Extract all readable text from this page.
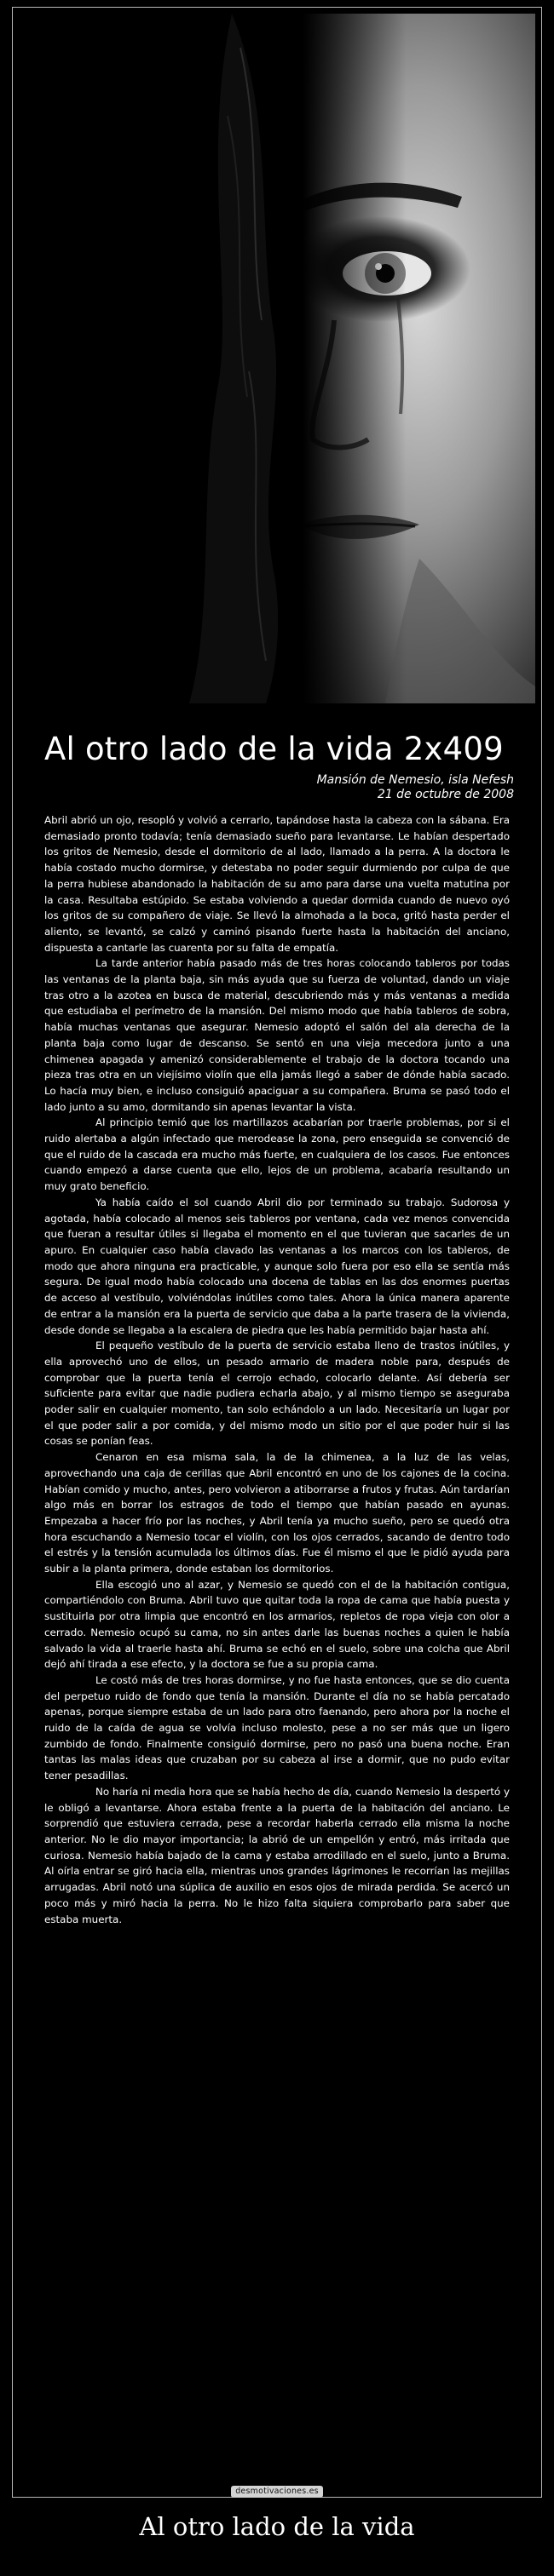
Al otro lado de la vida 2x409
Mansión de Nemesio, isla Nefesh
21 de octubre de 2008

Abril abrió un ojo, resopló y volvió a cerrarlo, tapándose hasta la cabeza con la sábana. Era demasiado pronto todavía; tenía demasiado sueño para levantarse. Le habían despertado los gritos de Nemesio, desde el dormitorio de al lado, llamado a la perra. A la doctora le había costado mucho dormirse, y detestaba no poder seguir durmiendo por culpa de que la perra hubiese abandonado la habitación de su amo para darse una vuelta matutina por la casa. Resultaba estúpido. Se estaba volviendo a quedar dormida cuando de nuevo oyó los gritos de su compañero de viaje. Se llevó la almohada a la boca, gritó hasta perder el aliento, se levantó, se calzó y caminó pisando fuerte hasta la habitación del anciano, dispuesta a cantarle las cuarenta por su falta de empatía.

La tarde anterior había pasado más de tres horas colocando tableros por todas las ventanas de la planta baja, sin más ayuda que su fuerza de voluntad, dando un viaje tras otro a la azotea en busca de material, descubriendo más y más ventanas a medida que estudiaba el perímetro de la mansión. Del mismo modo que había tableros de sobra, había muchas ventanas que asegurar. Nemesio adoptó el salón del ala derecha de la planta baja como lugar de descanso. Se sentó en una vieja mecedora junto a una chimenea apagada y amenizó considerablemente el trabajo de la doctora tocando una pieza tras otra en un viejísimo violín que ella jamás llegó a saber de dónde había sacado. Lo hacía muy bien, e incluso consiguió apaciguar a su compañera. Bruma se pasó todo el lado junto a su amo, dormitando sin apenas levantar la vista.

Al principio temió que los martillazos acabarían por traerle problemas, por si el ruido alertaba a algún infectado que merodease la zona, pero enseguida se convenció de que el ruido de la cascada era mucho más fuerte, en cualquiera de los casos. Fue entonces cuando empezó a darse cuenta que ello, lejos de un problema, acabaría resultando un muy grato beneficio.

Ya había caído el sol cuando Abril dio por terminado su trabajo. Sudorosa y agotada, había colocado al menos seis tableros por ventana, cada vez menos convencida que fueran a resultar útiles si llegaba el momento en el que tuvieran que sacarles de un apuro. En cualquier caso había clavado las ventanas a los marcos con los tableros, de modo que ahora ninguna era practicable, y aunque solo fuera por eso ella se sentía más segura. De igual modo había colocado una docena de tablas en las dos enormes puertas de acceso al vestíbulo, volviéndolas inútiles como tales. Ahora la única manera aparente de entrar a la mansión era la puerta de servicio que daba a la parte trasera de la vivienda, desde donde se llegaba a la escalera de piedra que les había permitido bajar hasta ahí.

El pequeño vestíbulo de la puerta de servicio estaba lleno de trastos inútiles, y ella aprovechó uno de ellos, un pesado armario de madera noble para, después de comprobar que la puerta tenía el cerrojo echado, colocarlo delante. Así debería ser suficiente para evitar que nadie pudiera echarla abajo, y al mismo tiempo se aseguraba poder salir en cualquier momento, tan solo echándolo a un lado. Necesitaría un lugar por el que poder salir a por comida, y del mismo modo un sitio por el que poder huir si las cosas se ponían feas.

Cenaron en esa misma sala, la de la chimenea, a la luz de las velas, aprovechando una caja de cerillas que Abril encontró en uno de los cajones de la cocina. Habían comido y mucho, antes, pero volvieron a atiborrarse a frutos y frutas. Aún tardarían algo más en borrar los estragos de todo el tiempo que habían pasado en ayunas. Empezaba a hacer frío por las noches, y Abril tenía ya mucho sueño, pero se quedó otra hora escuchando a Nemesio tocar el violín, con los ojos cerrados, sacando de dentro todo el estrés y la tensión acumulada los últimos días. Fue él mismo el que le pidió ayuda para subir a la planta primera, donde estaban los dormitorios.

Ella escogió uno al azar, y Nemesio se quedó con el de la habitación contigua, compartiéndolo con Bruma. Abril tuvo que quitar toda la ropa de cama que había puesta y sustituirla por otra limpia que encontró en los armarios, repletos de ropa vieja con olor a cerrado. Nemesio ocupó su cama, no sin antes darle las buenas noches a quien le había salvado la vida al traerle hasta ahí. Bruma se echó en el suelo, sobre una colcha que Abril dejó ahí tirada a ese efecto, y la doctora se fue a su propia cama.

Le costó más de tres horas dormirse, y no fue hasta entonces, que se dio cuenta del perpetuo ruido de fondo que tenía la mansión. Durante el día no se había percatado apenas, porque siempre estaba de un lado para otro faenando, pero ahora por la noche el ruido de la caída de agua se volvía incluso molesto, pese a no ser más que un ligero zumbido de fondo. Finalmente consiguió dormirse, pero no pasó una buena noche. Eran tantas las malas ideas que cruzaban por su cabeza al irse a dormir, que no pudo evitar tener pesadillas.

No haría ni media hora que se había hecho de día, cuando Nemesio la despertó y le obligó a levantarse. Ahora estaba frente a la puerta de la habitación del anciano. Le sorprendió que estuviera cerrada, pese a recordar haberla cerrado ella misma la noche anterior. No le dio mayor importancia; la abrió de un empellón y entró, más irritada que curiosa. Nemesio había bajado de la cama y estaba arrodillado en el suelo, junto a Bruma. Al oírla entrar se giró hacia ella, mientras unos grandes lágrimones le recorrían las mejillas arrugadas. Abril notó una súplica de auxilio en esos ojos de mirada perdida. Se acercó un poco más y miró hacia la perra. No le hizo falta siquiera comprobarlo para saber que estaba muerta.

desmotivaciones.es
Al otro lado de la vida
